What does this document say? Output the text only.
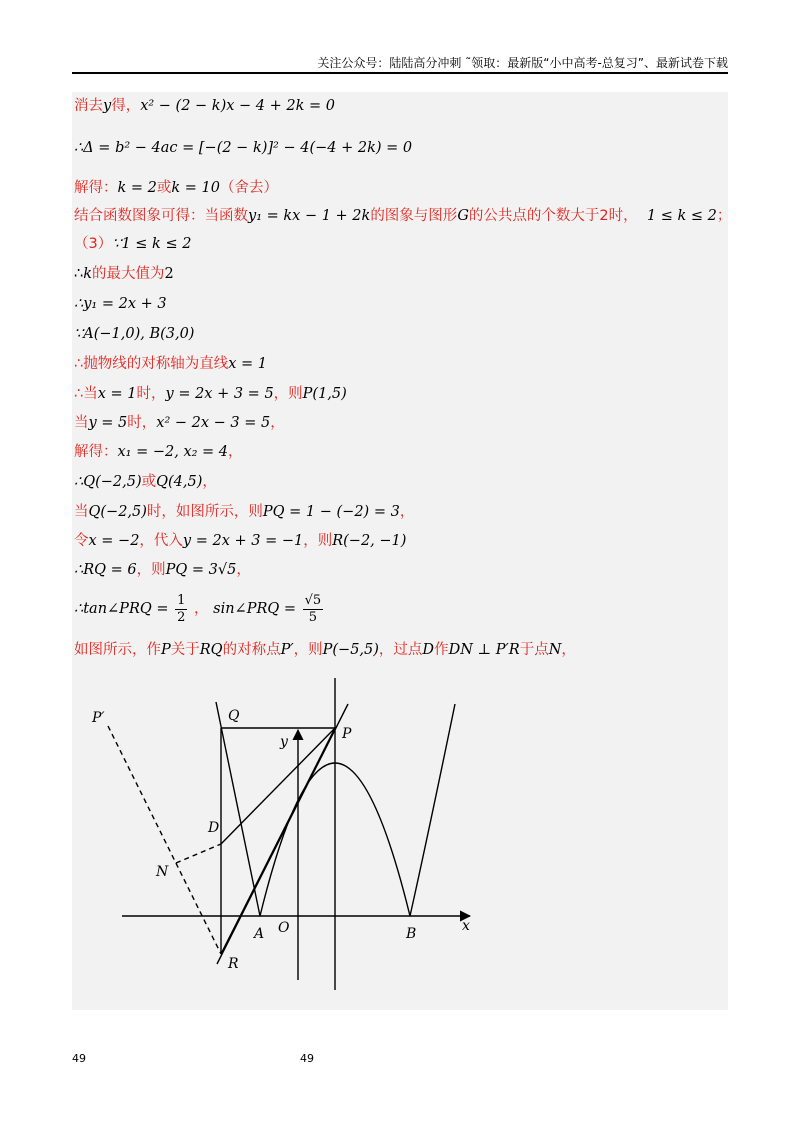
关注公众号：陆陆高分冲刺 ˜领取：最新版“小中高考-总复习”、最新试卷下载
消去y得，x² − (2 − k)x − 4 + 2k = 0
∴Δ = b² − 4ac = [−(2 − k)]² − 4(−4 + 2k) = 0
解得：k = 2或k = 10（舍去）
结合函数图象可得：当函数y₁ = kx − 1 + 2k的图象与图形G的公共点的个数大于2时， 1 ≤ k ≤ 2；
（3）∵1 ≤ k ≤ 2
∴k的最大值为2
∴y₁ = 2x + 3
∵A(−1,0), B(3,0)
∴抛物线的对称轴为直线x = 1
∴当x = 1时，y = 2x + 3 = 5，则P(1,5)
当y = 5时，x² − 2x − 3 = 5，
解得：x₁ = −2, x₂ = 4，
∴Q(−2,5)或Q(4,5)，
当Q(−2,5)时，如图所示，则PQ = 1 − (−2) = 3，
令x = −2，代入y = 2x + 3 = −1，则R(−2, −1)
∴RQ = 6，则PQ = 3√5，
∴tan∠PRQ = $\frac{1}{2}$ ， sin∠PRQ = $\frac{√5}{5}$
如图所示，作P关于RQ的对称点P′，则P(−5,5)，过点D作DN ⊥ P′R于点N，
P′	Q
y	P
D
N
A O	B	x
R
49	49
